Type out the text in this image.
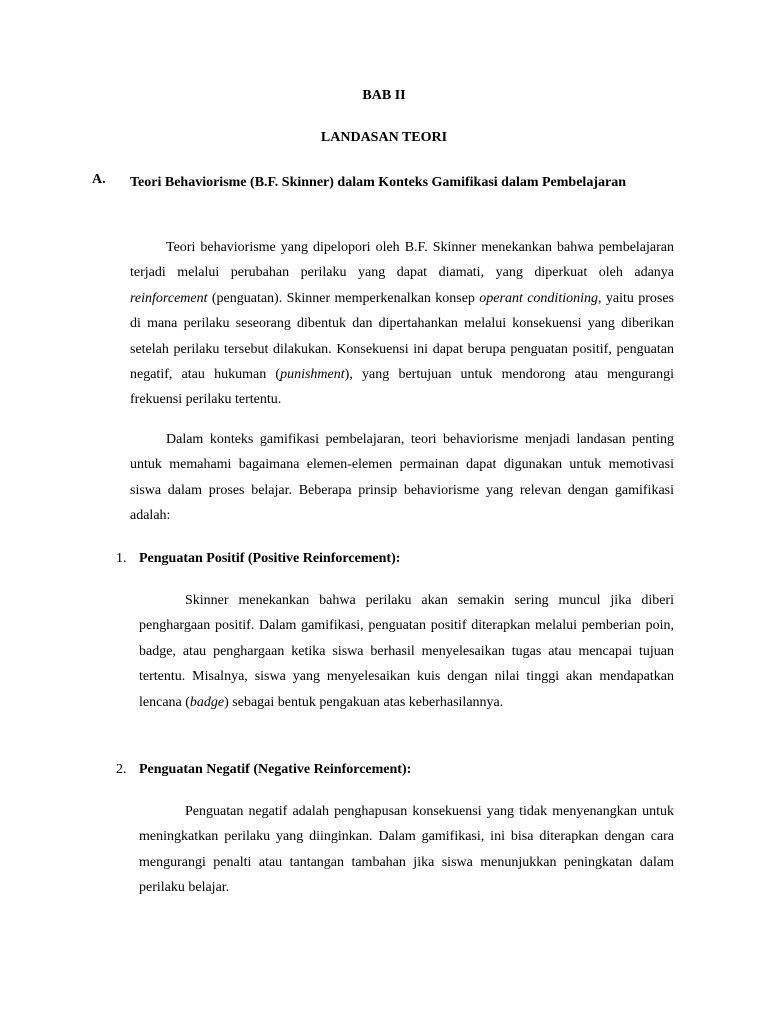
BAB II

LANDASAN TEORI

A. Teori Behaviorisme (B.F. Skinner) dalam Konteks Gamifikasi dalam Pembelajaran

Teori behaviorisme yang dipelopori oleh B.F. Skinner menekankan bahwa pembelajaran terjadi melalui perubahan perilaku yang dapat diamati, yang diperkuat oleh adanya reinforcement (penguatan). Skinner memperkenalkan konsep operant conditioning, yaitu proses di mana perilaku seseorang dibentuk dan dipertahankan melalui konsekuensi yang diberikan setelah perilaku tersebut dilakukan. Konsekuensi ini dapat berupa penguatan positif, penguatan negatif, atau hukuman (punishment), yang bertujuan untuk mendorong atau mengurangi frekuensi perilaku tertentu.

Dalam konteks gamifikasi pembelajaran, teori behaviorisme menjadi landasan penting untuk memahami bagaimana elemen-elemen permainan dapat digunakan untuk memotivasi siswa dalam proses belajar. Beberapa prinsip behaviorisme yang relevan dengan gamifikasi adalah:

1. Penguatan Positif (Positive Reinforcement):

Skinner menekankan bahwa perilaku akan semakin sering muncul jika diberi penghargaan positif. Dalam gamifikasi, penguatan positif diterapkan melalui pemberian poin, badge, atau penghargaan ketika siswa berhasil menyelesaikan tugas atau mencapai tujuan tertentu. Misalnya, siswa yang menyelesaikan kuis dengan nilai tinggi akan mendapatkan lencana (badge) sebagai bentuk pengakuan atas keberhasilannya.

2. Penguatan Negatif (Negative Reinforcement):

Penguatan negatif adalah penghapusan konsekuensi yang tidak menyenangkan untuk meningkatkan perilaku yang diinginkan. Dalam gamifikasi, ini bisa diterapkan dengan cara mengurangi penalti atau tantangan tambahan jika siswa menunjukkan peningkatan dalam perilaku belajar.
